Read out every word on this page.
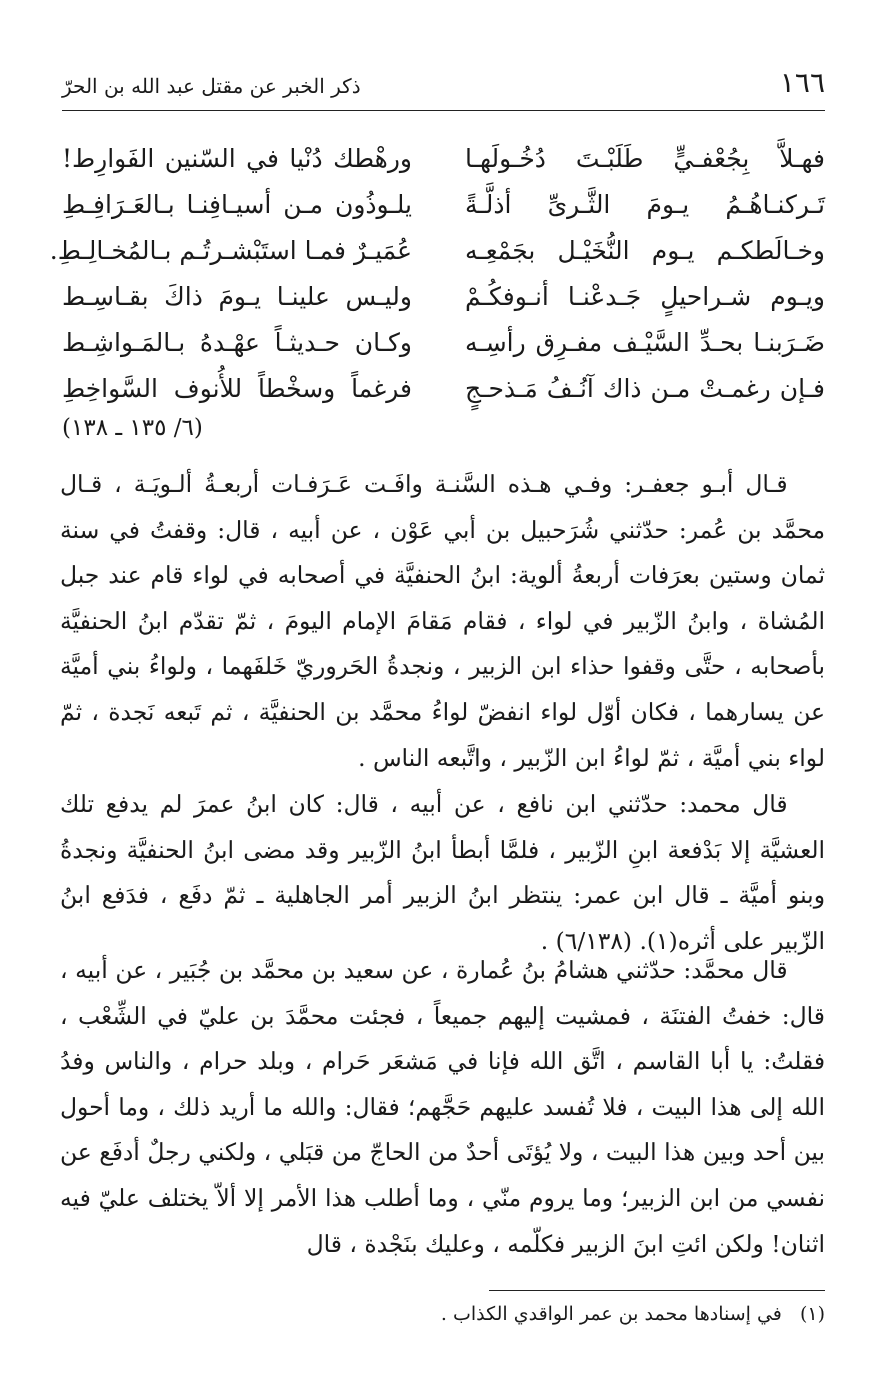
١٦٦
ذكر الخبر عن مقتل عبد الله بن الحرّ
فهـلاَّ بِجُعْفـيٍّ طَلَبْـتَ دُخُـولَهـا
تَـركنـاهُـمُ يـومَ الثَّـرىِّ أذلَّـةً
وخـالَطكـم يـوم النُّخَيْـل بجَمْعِـه
ويـوم شـراحيلٍ جَـدعْنـا أنـوفكُـمْ
ضَـرَبنـا بحـدِّ السَّيْـف مفـرِق رأسِـه
فـإن رغمـتْ مـن ذاك آنُـفُ مَـذحـجٍ
ورهْطك دُنْيا في السّنين الفَوارِط!
يلـوذُون مـن أسيـافِنـا بـالعَـرَافِـطِ
عُمَيـرٌ فمـا استَبْشـرتُـم بـالمُخـالِـطِ.
وليـس علينـا يـومَ ذاكَ بقـاسِـط
وكـان حـديثـاً عهْـدهُ بـالمَـواشِـط
فرغماً وسخْطاً للأُنوف السَّواخِطِ
(٦/ ١٣٥ ـ ١٣٨)

قـال أبـو جعفـر: وفـي هـذه السَّنـة وافَـت عَـرَفـات أربعـةُ ألـويَـة ، قـال محمَّد بن عُمر: حدّثني شُرَحبيل بن أبي عَوْن ، عن أبيه ، قال: وقفتُ في سنة ثمان وستين بعرَفات أربعةُ ألوية: ابنُ الحنفيَّة في أصحابه في لواء قام عند جبل المُشاة ، وابنُ الزّبير في لواء ، فقام مَقامَ الإمام اليومَ ، ثمّ تقدّم ابنُ الحنفيَّة بأصحابه ، حتَّى وقفوا حذاء ابن الزبير ، ونجدةُ الحَروريّ خَلفَهما ، ولواءُ بني أميَّة عن يسارهما ، فكان أوّل لواء انفضّ لواءُ محمَّد بن الحنفيَّة ، ثم تَبعه نَجدة ، ثمّ لواء بني أميَّة ، ثمّ لواءُ ابن الزّبير ، واتَّبعه الناس .

قال محمد: حدّثني ابن نافع ، عن أبيه ، قال: كان ابنُ عمرَ لم يدفع تلك العشيَّة إلا بَدْفعة ابنِ الزّبير ، فلمَّا أبطأ ابنُ الزّبير وقد مضى ابنُ الحنفيَّة ونجدةُ وبنو أميَّة ـ قال ابن عمر: ينتظر ابنُ الزبير أمر الجاهلية ـ ثمّ دفَع ، فدَفع ابنُ الزّبير على أثره(١). (٦/١٣٨) .

قال محمَّد: حدّثني هشامُ بنُ عُمارة ، عن سعيد بن محمَّد بن جُبَير ، عن أبيه ، قال: خفتُ الفتنَة ، فمشيت إليهم جميعاً ، فجئت محمَّدَ بن عليّ في الشِّعْب ، فقلتُ: يا أبا القاسم ، اتَّق الله فإنا في مَشعَر حَرام ، وبلد حرام ، والناس وفدُ الله إلى هذا البيت ، فلا تُفسد عليهم حَجَّهم؛ فقال: والله ما أريد ذلك ، وما أحول بين أحد وبين هذا البيت ، ولا يُؤتَى أحدٌ من الحاجّ من قبَلي ، ولكني رجلٌ أدفَع عن نفسي من ابن الزبير؛ وما يروم منّي ، وما أطلب هذا الأمر إلا ألاّ يختلف عليّ فيه اثنان! ولكن ائتِ ابنَ الزبير فكلّمه ، وعليك بنَجْدة ، قال

(١) في إسنادها محمد بن عمر الواقدي الكذاب .
